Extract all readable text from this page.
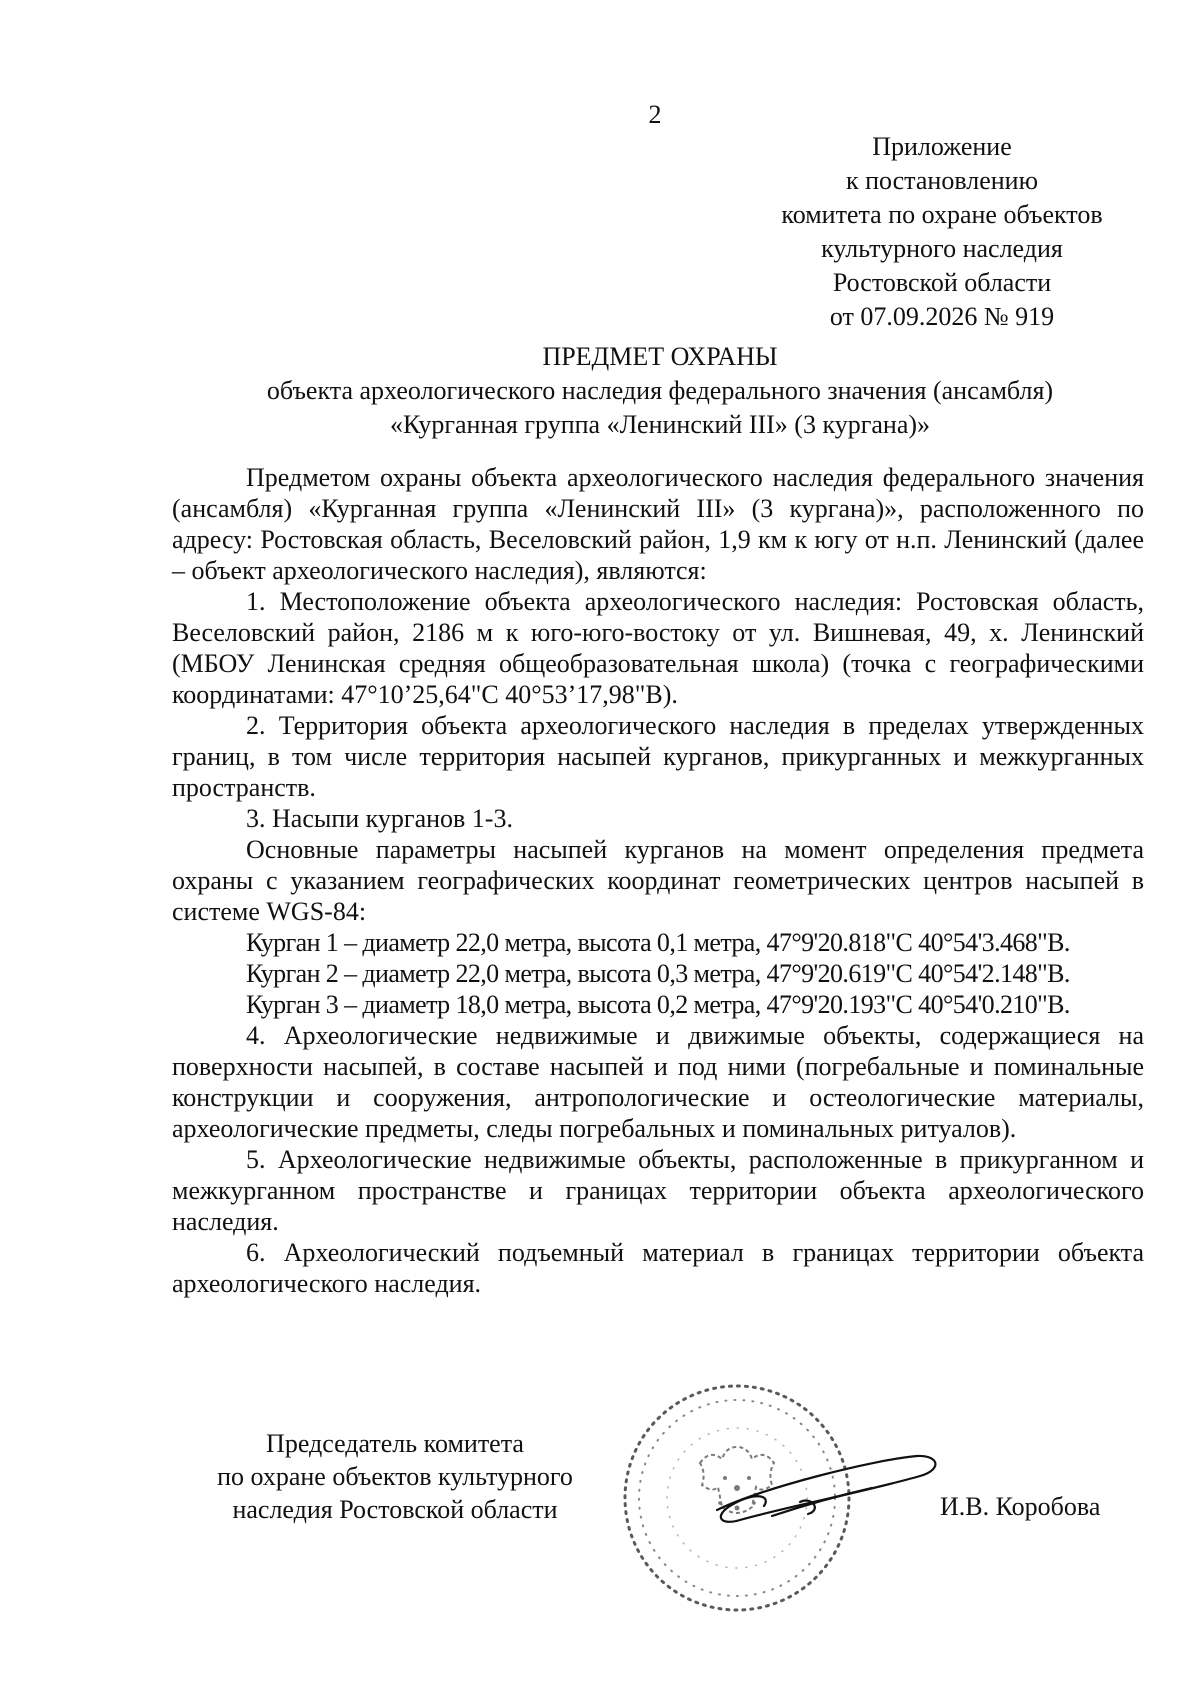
2
Приложение
к постановлению
комитета по охране объектов
культурного наследия
Ростовской области
от 07.09.2026 № 919
ПРЕДМЕТ ОХРАНЫ
объекта археологического наследия федерального значения (ансамбля)
«Курганная группа «Ленинский III» (3 кургана)»

Предметом охраны объекта археологического наследия федерального значения (ансамбля) «Курганная группа «Ленинский III» (3 кургана)», расположенного по адресу: Ростовская область, Веселовский район, 1,9 км к югу от н.п. Ленинский (далее – объект археологического наследия), являются:

1. Местоположение объекта археологического наследия: Ростовская область, Веселовский район, 2186 м к юго-юго-востоку от ул. Вишневая, 49, х. Ленинский (МБОУ Ленинская средняя общеобразовательная школа) (точка с географическими координатами: 47°10’25,64"С 40°53’17,98"В).

2. Территория объекта археологического наследия в пределах утвержденных границ, в том числе территория насыпей курганов, прикурганных и межкурганных пространств.

3. Насыпи курганов 1-3.

Основные параметры насыпей курганов на момент определения предмета охраны с указанием географических координат геометрических центров насыпей в системе WGS-84:

Курган 1 – диаметр 22,0 метра, высота 0,1 метра, 47°9'20.818"С 40°54'3.468"В.

Курган 2 – диаметр 22,0 метра, высота 0,3 метра, 47°9'20.619"С 40°54'2.148"В.

Курган 3 – диаметр 18,0 метра, высота 0,2 метра, 47°9'20.193"С 40°54'0.210"В.

4. Археологические недвижимые и движимые объекты, содержащиеся на поверхности насыпей, в составе насыпей и под ними (погребальные и поминальные конструкции и сооружения, антропологические и остеологические материалы, археологические предметы, следы погребальных и поминальных ритуалов).

5. Археологические недвижимые объекты, расположенные в прикурганном и межкурганном пространстве и границах территории объекта археологического наследия.

6. Археологический подъемный материал в границах территории объекта археологического наследия.

Председатель комитета
по охране объектов культурного
наследия Ростовской области	И.В. Коробова
